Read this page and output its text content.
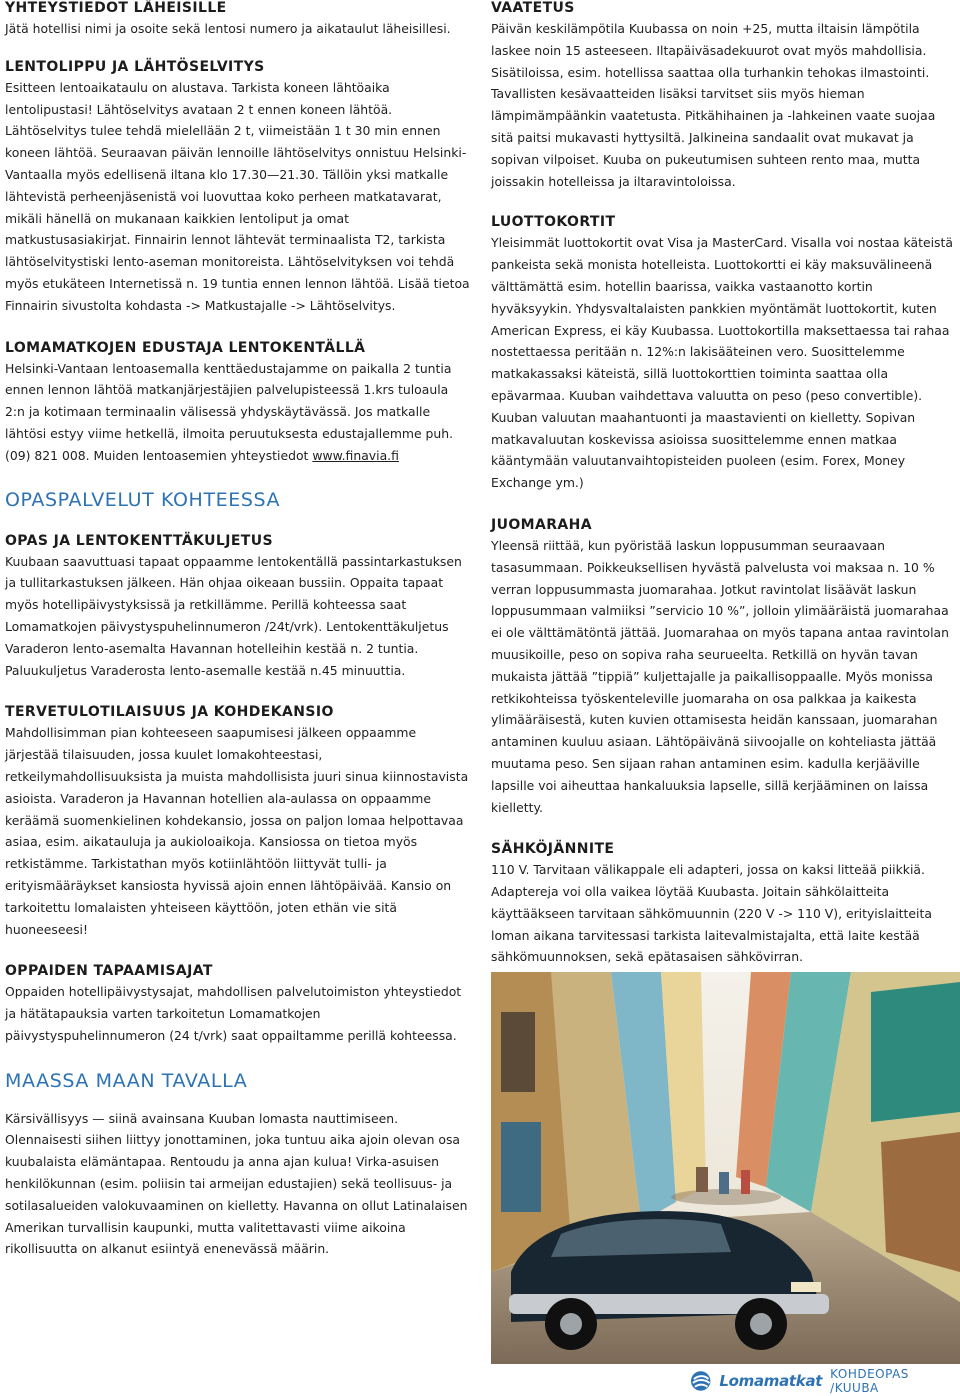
YHTEYSTIEDOT LÄHEISILLE

Jätä hotellisi nimi ja osoite sekä lentosi numero ja aikataulut läheisillesi.

LENTOLIPPU JA LÄHTÖSELVITYS

Esitteen lentoaikataulu on alustava. Tarkista koneen lähtöaika lentolipustasi! Lähtöselvitys avataan 2 t ennen koneen lähtöä. Lähtöselvitys tulee tehdä mielellään 2 t, viimeistään 1 t 30 min ennen koneen lähtöä. Seuraavan päivän lennoille lähtöselvitys onnistuu Helsinki-Vantaalla myös edellisenä iltana klo 17.30—21.30. Tällöin yksi matkalle lähtevistä perheenjäsenistä voi luovuttaa koko perheen matkatavarat, mikäli hänellä on mukanaan kaikkien lentoliput ja omat matkustusasiakirjat. Finnairin lennot lähtevät terminaalista T2, tarkista lähtöselvitystiski lento-aseman monitoreista. Lähtöselvityksen voi tehdä myös etukäteen Internetissä n. 19 tuntia ennen lennon lähtöä. Lisää tietoa Finnairin sivustolta kohdasta -> Matkustajalle -> Lähtöselvitys.

LOMAMATKOJEN EDUSTAJA LENTOKENTÄLLÄ

Helsinki-Vantaan lentoasemalla kenttäedustajamme on paikalla 2 tuntia ennen lennon lähtöä matkanjärjestäjien palvelupisteessä 1.krs tuloaula 2:n ja kotimaan terminaalin välisessä yhdyskäytävässä. Jos matkalle lähtösi estyy viime hetkellä, ilmoita peruutuksesta edustajallemme puh. (09) 821 008. Muiden lentoasemien yhteystiedot www.finavia.fi

OPASPALVELUT KOHTEESSA
OPAS JA LENTOKENTTÄKULJETUS

Kuubaan saavuttuasi tapaat oppaamme lentokentällä passintarkastuksen ja tullitarkastuksen jälkeen. Hän ohjaa oikeaan bussiin. Oppaita tapaat myös hotellipäivystyksissä ja retkillämme. Perillä kohteessa saat Lomamatkojen päivystyspuhelinnumeron /24t/vrk). Lentokenttäkuljetus Varaderon lento-asemalta Havannan hotelleihin kestää n. 2 tuntia. Paluukuljetus Varaderosta lento-asemalle kestää n.45 minuuttia.

TERVETULOTILAISUUS JA KOHDEKANSIO

Mahdollisimman pian kohteeseen saapumisesi jälkeen oppaamme järjestää tilaisuuden, jossa kuulet lomakohteestasi, retkeilymahdollisuuksista ja muista mahdollisista juuri sinua kiinnostavista asioista. Varaderon ja Havannan hotellien ala-aulassa on oppaamme keräämä suomenkielinen kohdekansio, jossa on paljon lomaa helpottavaa asiaa, esim. aikatauluja ja aukioloaikoja. Kansiossa on tietoa myös retkistämme. Tarkistathan myös kotiinlähtöön liittyvät tulli- ja erityismääräykset kansiosta hyvissä ajoin ennen lähtöpäivää. Kansio on tarkoitettu lomalaisten yhteiseen käyttöön, joten ethän vie sitä huoneeseesi!

OPPAIDEN TAPAAMISAJAT

Oppaiden hotellipäivystysajat, mahdollisen palvelutoimiston yhteystiedot ja hätätapauksia varten tarkoitetun Lomamatkojen päivystyspuhelinnumeron (24 t/vrk) saat oppailtamme perillä kohteessa.

MAASSA MAAN TAVALLA

Kärsivällisyys — siinä avainsana Kuuban lomasta nauttimiseen. Olennaisesti siihen liittyy jonottaminen, joka tuntuu aika ajoin olevan osa kuubalaista elämäntapaa. Rentoudu ja anna ajan kulua! Virka-asuisen henkilökunnan (esim. poliisin tai armeijan edustajien) sekä teollisuus- ja sotilasalueiden valokuvaaminen on kielletty. Havanna on ollut Latinalaisen Amerikan turvallisin kaupunki, mutta valitettavasti viime aikoina rikollisuutta on alkanut esiintyä enenevässä määrin.

VAATETUS

Päivän keskilämpötila Kuubassa on noin +25, mutta iltaisin lämpötila laskee noin 15 asteeseen. Iltapäiväsadekuurot ovat myös mahdollisia. Sisätiloissa, esim. hotellissa saattaa olla turhankin tehokas ilmastointi. Tavallisten kesävaatteiden lisäksi tarvitset siis myös hieman lämpimämpäänkin vaatetusta. Pitkähihainen ja -lahkeinen vaate suojaa sitä paitsi mukavasti hyttysiltä. Jalkineina sandaalit ovat mukavat ja sopivan vilpoiset. Kuuba on pukeutumisen suhteen rento maa, mutta joissakin hotelleissa ja iltaravintoloissa.

LUOTTOKORTIT

Yleisimmät luottokortit ovat Visa ja MasterCard. Visalla voi nostaa käteistä pankeista sekä monista hotelleista. Luottokortti ei käy maksuvälineenä välttämättä esim. hotellin baarissa, vaikka vastaanotto kortin hyväksyykin. Yhdysvaltalaisten pankkien myöntämät luottokortit, kuten American Express, ei käy Kuubassa. Luottokortilla maksettaessa tai rahaa nostettaessa peritään n. 12%:n lakisääteinen vero. Suosittelemme matkakassaksi käteistä, sillä luottokorttien toiminta saattaa olla epävarmaa. Kuuban vaihdettava valuutta on peso (peso convertible). Kuuban valuutan maahantuonti ja maastavienti on kielletty. Sopivan matkavaluutan koskevissa asioissa suosittelemme ennen matkaa kääntymään valuutanvaihtopisteiden puoleen (esim. Forex, Money Exchange ym.)

JUOMARAHA

Yleensä riittää, kun pyöristää laskun loppusumman seuraavaan tasasummaan. Poikkeuksellisen hyvästä palvelusta voi maksaa n. 10 % verran loppusummasta juomarahaa. Jotkut ravintolat lisäävät laskun loppusummaan valmiiksi ”servicio 10 %”, jolloin ylimääräistä juomarahaa ei ole välttämätöntä jättää. Juomarahaa on myös tapana antaa ravintolan muusikoille, peso on sopiva raha seurueelta. Retkillä on hyvän tavan mukaista jättää ”tippiä” kuljettajalle ja paikallisoppaalle. Myös monissa retkikohteissa työskenteleville juomaraha on osa palkkaa ja kaikesta ylimääräisestä, kuten kuvien ottamisesta heidän kanssaan, juomarahan antaminen kuuluu asiaan. Lähtöpäivänä siivoojalle on kohteliasta jättää muutama peso. Sen sijaan rahan antaminen esim. kadulla kerjääville lapsille voi aiheuttaa hankaluuksia lapselle, sillä kerjääminen on laissa kielletty.

SÄHKÖJÄNNITE

110 V. Tarvitaan välikappale eli adapteri, jossa on kaksi litteää piikkiä. Adaptereja voi olla vaikea löytää Kuubasta. Joitain sähkölaitteita käyttääkseen tarvitaan sähkömuunnin (220 V -> 110 V), erityislaitteita loman aikana tarvitessasi tarkista laitevalmistajalta, että laite kestää sähkömuunnoksen, sekä epätasaisen sähkövirran.

Lomamatkat KOHDEOPAS /KUUBA
